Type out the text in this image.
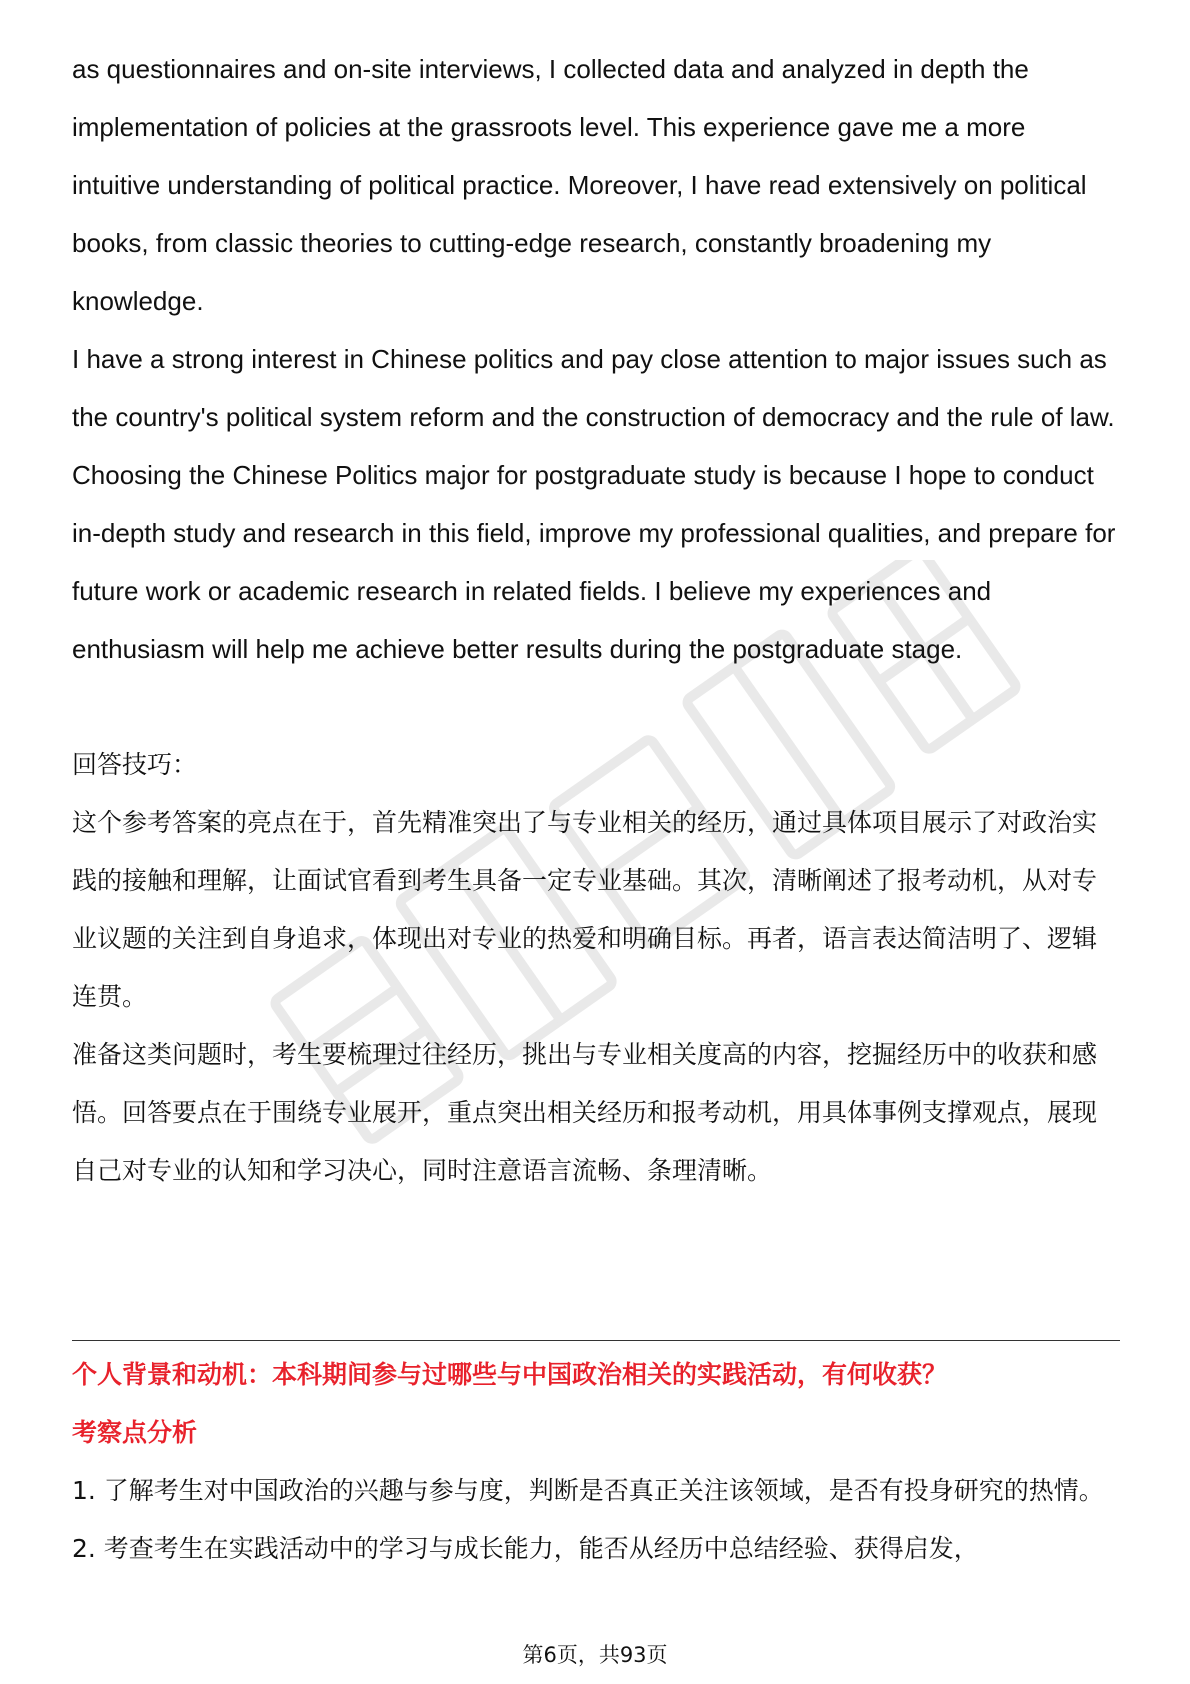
as questionnaires and on-site interviews, I collected data and analyzed in depth the implementation of policies at the grassroots level. This experience gave me a more intuitive understanding of political practice. Moreover, I have read extensively on political books, from classic theories to cutting-edge research, constantly broadening my knowledge.

I have a strong interest in Chinese politics and pay close attention to major issues such as the country's political system reform and the construction of democracy and the rule of law. Choosing the Chinese Politics major for postgraduate study is because I hope to conduct in-depth study and research in this field, improve my professional qualities, and prepare for future work or academic research in related fields. I believe my experiences and enthusiasm will help me achieve better results during the postgraduate stage.

回答技巧：

这个参考答案的亮点在于，首先精准突出了与专业相关的经历，通过具体项目展示了对政治实践的接触和理解，让面试官看到考生具备一定专业基础。其次，清晰阐述了报考动机，从对专业议题的关注到自身追求，体现出对专业的热爱和明确目标。再者，语言表达简洁明了、逻辑连贯。

准备这类问题时，考生要梳理过往经历，挑出与专业相关度高的内容，挖掘经历中的收获和感悟。回答要点在于围绕专业展开，重点突出相关经历和报考动机，用具体事例支撑观点，展现自己对专业的认知和学习决心，同时注意语言流畅、条理清晰。

个人背景和动机：本科期间参与过哪些与中国政治相关的实践活动，有何收获？

考察点分析

1. 了解考生对中国政治的兴趣与参与度，判断是否真正关注该领域，是否有投身研究的热情。

2. 考查考生在实践活动中的学习与成长能力，能否从经历中总结经验、获得启发，

第6页，共93页
